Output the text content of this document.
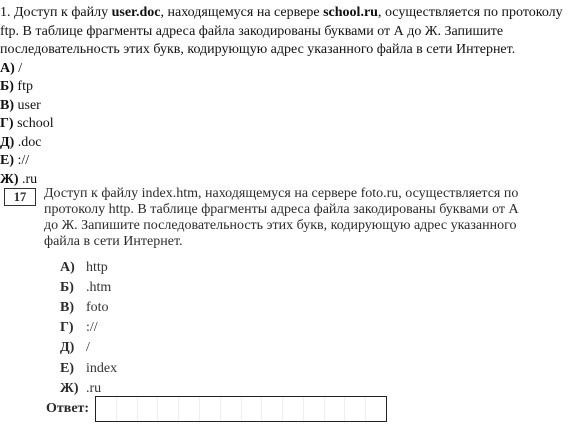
1. Доступ к файлу user.doc, находящемуся на сервере school.ru, осуществляется по протоколу

ftp. В таблице фрагменты адреса файла закодированы буквами от А до Ж. Запишите

последовательность этих букв, кодирующую адрес указанного файла в сети Интернет.

А) /

Б) ftp

В) user

Г) school

Д) .doc

Е) ://

Ж) .ru

17	Доступ к файлу index.htm, находящемуся на сервере foto.ru, осуществляется по

протоколу http. В таблице фрагменты адреса файла закодированы буквами от А

до Ж. Запишите последовательность этих букв, кодирующую адрес указанного

файла в сети Интернет.

А) http
Б) .htm
В) foto
Г) ://
Д) /
Е) index
Ж) .ru
Ответ:
